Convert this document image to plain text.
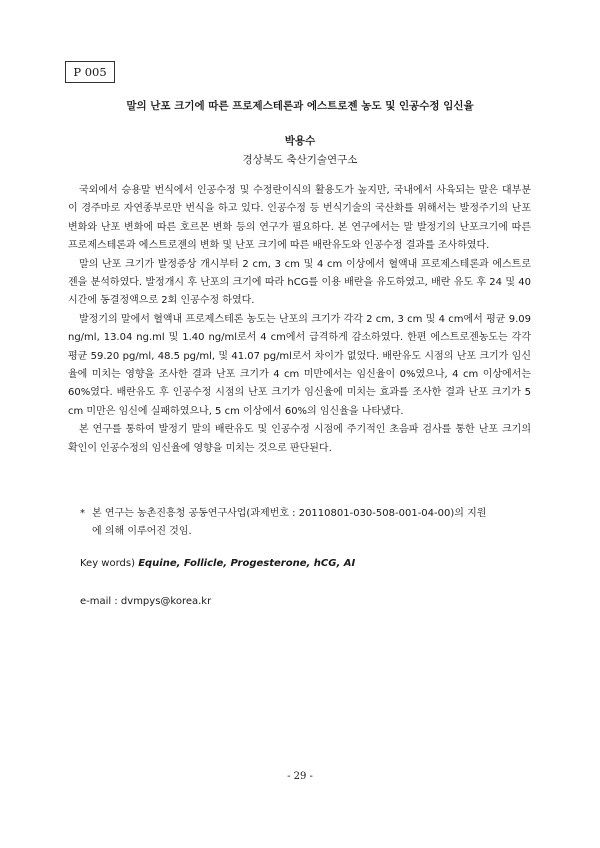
P 005
말의 난포 크기에 따른 프로제스테론과 에스트로젠 농도 및 인공수정 임신율
박용수
경상북도 축산기술연구소

국외에서 승용말 번식에서 인공수정 및 수정란이식의 활용도가 높지만, 국내에서 사육되는 말은 대부분이 경주마로 자연종부로만 번식을 하고 있다. 인공수정 등 번식기술의 국산화를 위해서는 발정주기의 난포 변화와 난포 변화에 따른 호르몬 변화 등의 연구가 필요하다. 본 연구에서는 말 발정기의 난포크기에 따른 프로제스테론과 에스트로젠의 변화 및 난포 크기에 따른 배란유도와 인공수정 결과를 조사하였다.

말의 난포 크기가 발정증상 개시부터 2 cm, 3 cm 및 4 cm 이상에서 혈액내 프로제스테론과 에스트로젠을 분석하였다. 발정개시 후 난포의 크기에 따라 hCG를 이용 배란을 유도하였고, 배란 유도 후 24 및 40시간에 동결정액으로 2회 인공수정 하였다.

발정기의 말에서 혈액내 프로제스테론 농도는 난포의 크기가 각각 2 cm, 3 cm 및 4 cm에서 평균 9.09 ng/ml, 13.04 ng.ml 및 1.40 ng/ml로서 4 cm에서 급격하게 감소하였다. 한편 에스트로젠농도는 각각 평균 59.20 pg/ml, 48.5 pg/ml, 및 41.07 pg/ml로서 차이가 없었다. 배란유도 시점의 난포 크기가 임신율에 미치는 영향을 조사한 결과 난포 크기가 4 cm 미만에서는 임신율이 0%였으나, 4 cm 이상에서는 60%였다. 배란유도 후 인공수정 시점의 난포 크기가 임신율에 미치는 효과를 조사한 결과 난포 크기가 5 cm 미만은 임신에 실패하였으나, 5 cm 이상에서 60%의 임신율을 나타냈다.

본 연구를 통하여 발정기 말의 배란유도 및 인공수정 시점에 주기적인 초음파 검사를 통한 난포 크기의 확인이 인공수정의 임신율에 영향을 미치는 것으로 판단된다.

* 본 연구는 농촌진흥청 공동연구사업(과제번호 : 20110801-030-508-001-04-00)의 지원
에 의해 이루어진 것임.
Key words) Equine, Follicle, Progesterone, hCG, AI
e-mail : dvmpys@korea.kr
- 29 -
